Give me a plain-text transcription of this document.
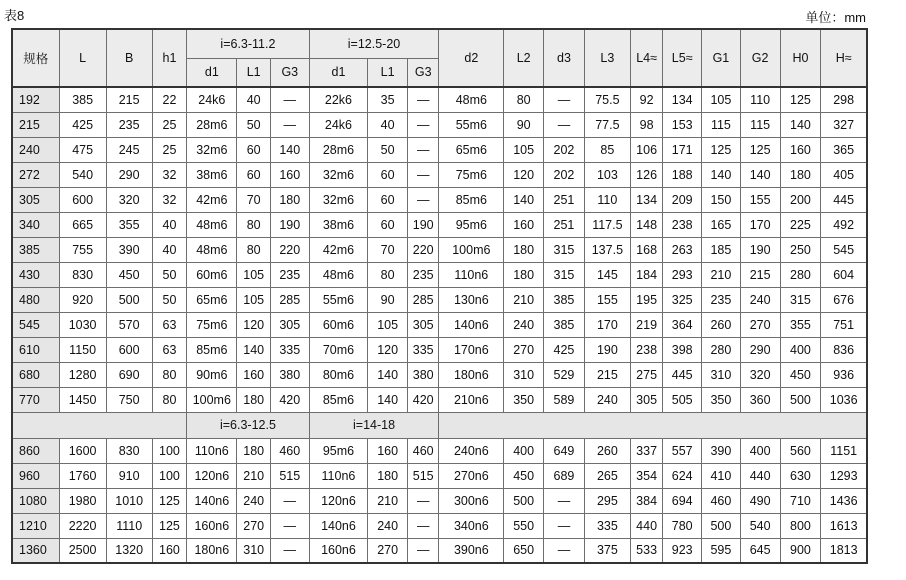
表8	单位：mm
规格	L	B	h1	i=6.3-11.2			i=12.5-20			d2	L2	d3	L3	L4≈	L5≈	G1	G2	H0	H≈
				d1	L1	G3	d1	L1	G3										
192	385	215	22	24k6	40	—	22k6	35	—	48m6	80	—	75.5	92	134	105	110	125	298
215	425	235	25	28m6	50	—	24k6	40	—	55m6	90	—	77.5	98	153	115	115	140	327
240	475	245	25	32m6	60	140	28m6	50	—	65m6	105	202	85	106	171	125	125	160	365
272	540	290	32	38m6	60	160	32m6	60	—	75m6	120	202	103	126	188	140	140	180	405
305	600	320	32	42m6	70	180	32m6	60	—	85m6	140	251	110	134	209	150	155	200	445
340	665	355	40	48m6	80	190	38m6	60	190	95m6	160	251	117.5	148	238	165	170	225	492
385	755	390	40	48m6	80	220	42m6	70	220	100m6	180	315	137.5	168	263	185	190	250	545
430	830	450	50	60m6	105	235	48m6	80	235	110n6	180	315	145	184	293	210	215	280	604
480	920	500	50	65m6	105	285	55m6	90	285	130n6	210	385	155	195	325	235	240	315	676
545	1030	570	63	75m6	120	305	60m6	105	305	140n6	240	385	170	219	364	260	270	355	751
610	1150	600	63	85m6	140	335	70m6	120	335	170n6	270	425	190	238	398	280	290	400	836
680	1280	690	80	90m6	160	380	80m6	140	380	180n6	310	529	215	275	445	310	320	450	936
770	1450	750	80	100m6	180	420	85m6	140	420	210n6	350	589	240	305	505	350	360	500	1036
				i=6.3-12.5			i=14-18												
860	1600	830	100	110n6	180	460	95m6	160	460	240n6	400	649	260	337	557	390	400	560	1151
960	1760	910	100	120n6	210	515	110n6	180	515	270n6	450	689	265	354	624	410	440	630	1293
1080	1980	1010	125	140n6	240	—	120n6	210	—	300n6	500	—	295	384	694	460	490	710	1436
1210	2220	1110	125	160n6	270	—	140n6	240	—	340n6	550	—	335	440	780	500	540	800	1613
1360	2500	1320	160	180n6	310	—	160n6	270	—	390n6	650	—	375	533	923	595	645	900	1813
